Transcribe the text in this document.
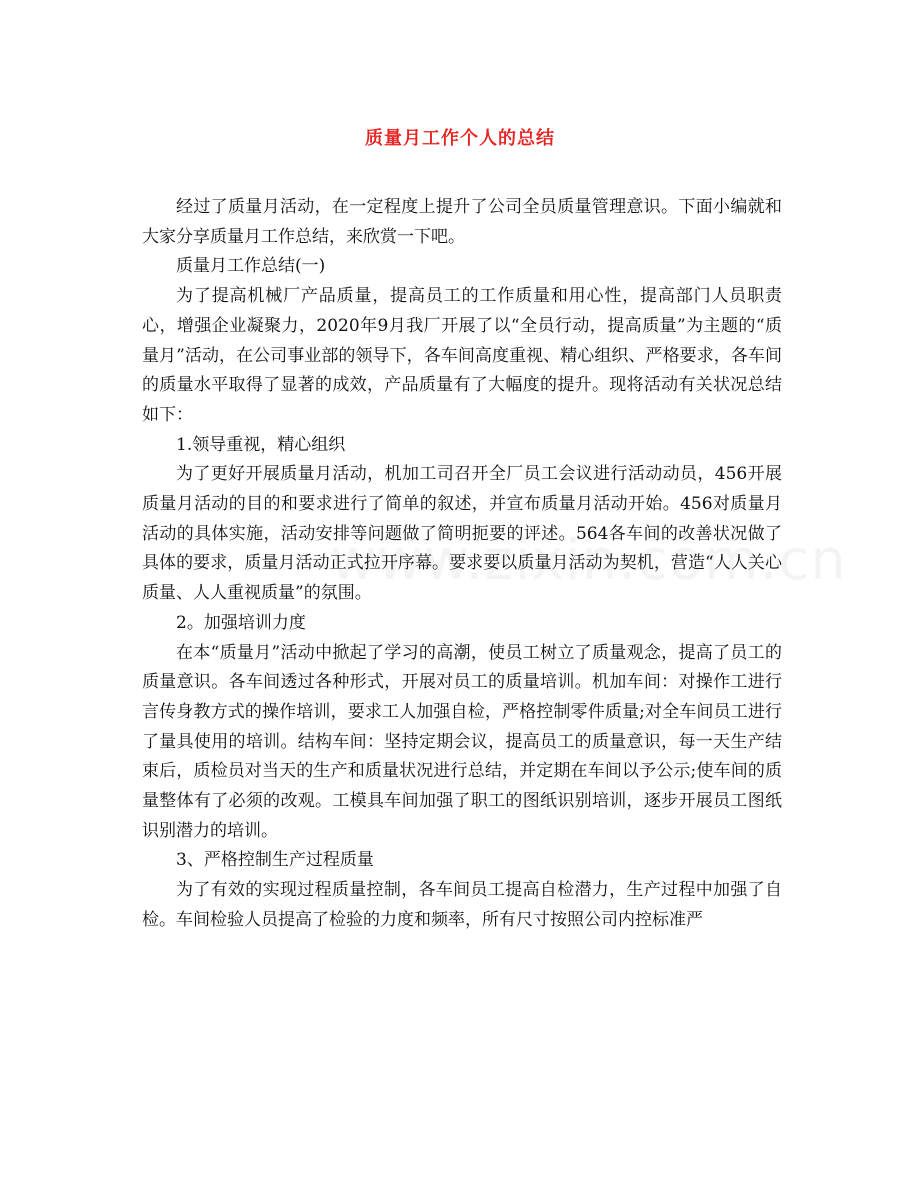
质量月工作个人的总结

经过了质量月活动，在一定程度上提升了公司全员质量管理意识。下面小编就和大家分享质量月工作总结，来欣赏一下吧。

质量月工作总结(一)

为了提高机械厂产品质量，提高员工的工作质量和用心性，提高部门人员职责心，增强企业凝聚力，2020年9月我厂开展了以“全员行动，提高质量”为主题的“质量月”活动，在公司事业部的领导下，各车间高度重视、精心组织、严格要求，各车间的质量水平取得了显著的成效，产品质量有了大幅度的提升。现将活动有关状况总结如下：

1.领导重视，精心组织

为了更好开展质量月活动，机加工司召开全厂员工会议进行活动动员，456开展质量月活动的目的和要求进行了简单的叙述，并宣布质量月活动开始。456对质量月活动的具体实施，活动安排等问题做了简明扼要的评述。564各车间的改善状况做了具体的要求，质量月活动正式拉开序幕。要求要以质量月活动为契机，营造“人人关心质量、人人重视质量”的氛围。

2。加强培训力度

在本“质量月”活动中掀起了学习的高潮，使员工树立了质量观念，提高了员工的质量意识。各车间透过各种形式，开展对员工的质量培训。机加车间：对操作工进行言传身教方式的操作培训，要求工人加强自检，严格控制零件质量;对全车间员工进行了量具使用的培训。结构车间：坚持定期会议，提高员工的质量意识，每一天生产结束后，质检员对当天的生产和质量状况进行总结，并定期在车间以予公示;使车间的质量整体有了必须的改观。工模具车间加强了职工的图纸识别培训，逐步开展员工图纸识别潜力的培训。

3、严格控制生产过程质量

为了有效的实现过程质量控制，各车间员工提高自检潜力，生产过程中加强了自检。车间检验人员提高了检验的力度和频率，所有尺寸按照公司内控标准严
